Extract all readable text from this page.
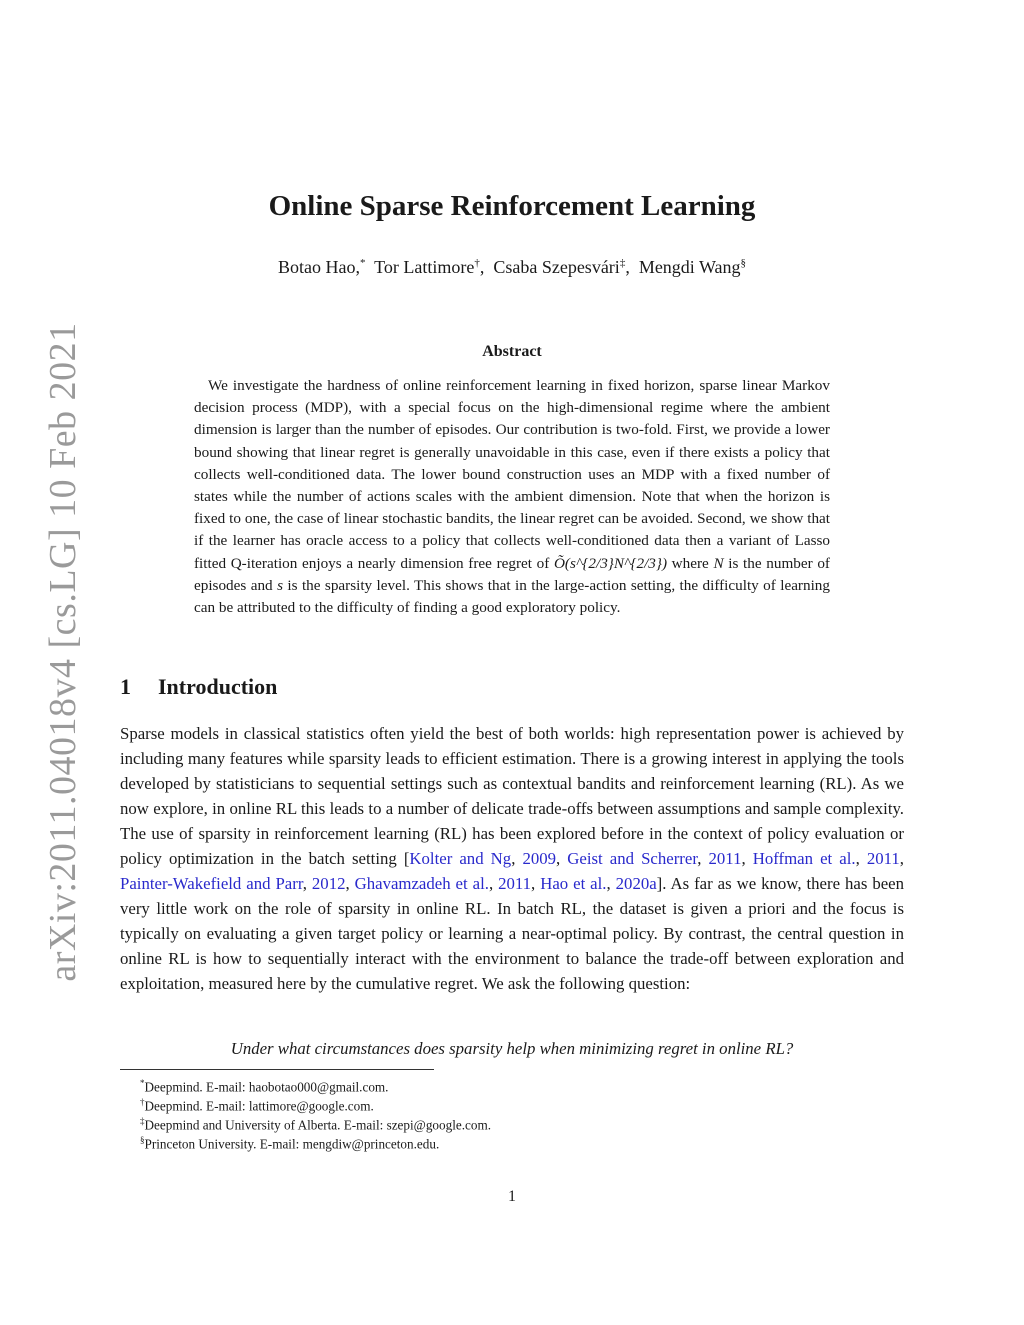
arXiv:2011.04018v4 [cs.LG] 10 Feb 2021
Online Sparse Reinforcement Learning
Botao Hao,* Tor Lattimore†,  Csaba Szepesvári‡,  Mengdi Wang§
Abstract
We investigate the hardness of online reinforcement learning in fixed horizon, sparse linear Markov decision process (MDP), with a special focus on the high-dimensional regime where the ambient dimension is larger than the number of episodes. Our contribution is two-fold. First, we provide a lower bound showing that linear regret is generally unavoidable in this case, even if there exists a policy that collects well-conditioned data. The lower bound construction uses an MDP with a fixed number of states while the number of actions scales with the ambient dimension. Note that when the horizon is fixed to one, the case of linear stochastic bandits, the linear regret can be avoided. Second, we show that if the learner has oracle access to a policy that collects well-conditioned data then a variant of Lasso fitted Q-iteration enjoys a nearly dimension free regret of Õ(s^{2/3}N^{2/3}) where N is the number of episodes and s is the sparsity level. This shows that in the large-action setting, the difficulty of learning can be attributed to the difficulty of finding a good exploratory policy.
1 Introduction
Sparse models in classical statistics often yield the best of both worlds: high representation power is achieved by including many features while sparsity leads to efficient estimation. There is a growing interest in applying the tools developed by statisticians to sequential settings such as contextual bandits and reinforcement learning (RL). As we now explore, in online RL this leads to a number of delicate trade-offs between assumptions and sample complexity. The use of sparsity in reinforcement learning (RL) has been explored before in the context of policy evaluation or policy optimization in the batch setting [Kolter and Ng, 2009, Geist and Scherrer, 2011, Hoffman et al., 2011, Painter-Wakefield and Parr, 2012, Ghavamzadeh et al., 2011, Hao et al., 2020a]. As far as we know, there has been very little work on the role of sparsity in online RL. In batch RL, the dataset is given a priori and the focus is typically on evaluating a given target policy or learning a near-optimal policy. By contrast, the central question in online RL is how to sequentially interact with the environment to balance the trade-off between exploration and exploitation, measured here by the cumulative regret. We ask the following question:
Under what circumstances does sparsity help when minimizing regret in online RL?
*Deepmind. E-mail: haobotao000@gmail.com.
†Deepmind. E-mail: lattimore@google.com.
‡Deepmind and University of Alberta. E-mail: szepi@google.com.
§Princeton University. E-mail: mengdiw@princeton.edu.
1
